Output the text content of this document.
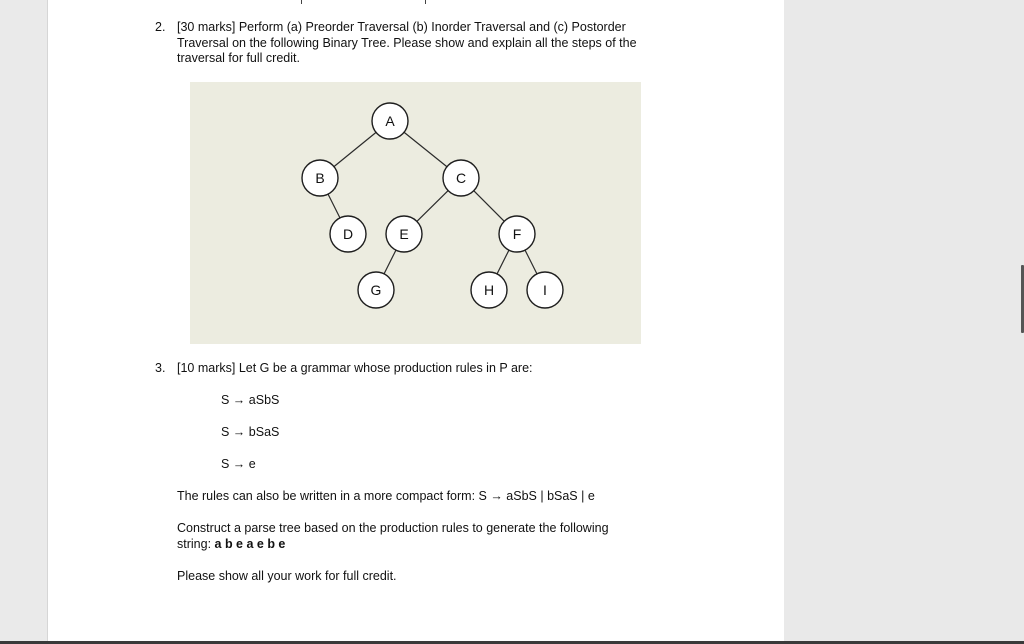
2. [30 marks] Perform (a) Preorder Traversal (b) Inorder Traversal and (c) Postorder
Traversal on the following Binary Tree. Please show and explain all the steps of the
traversal for full credit.
A
B	C
D	E	F
G	H	I
3. [10 marks] Let G be a grammar whose production rules in P are:
S → aSbS
S → bSaS
S → e
The rules can also be written in a more compact form: S → aSbS | bSaS | e
Construct a parse tree based on the production rules to generate the following
string: a b e a e b e
Please show all your work for full credit.
